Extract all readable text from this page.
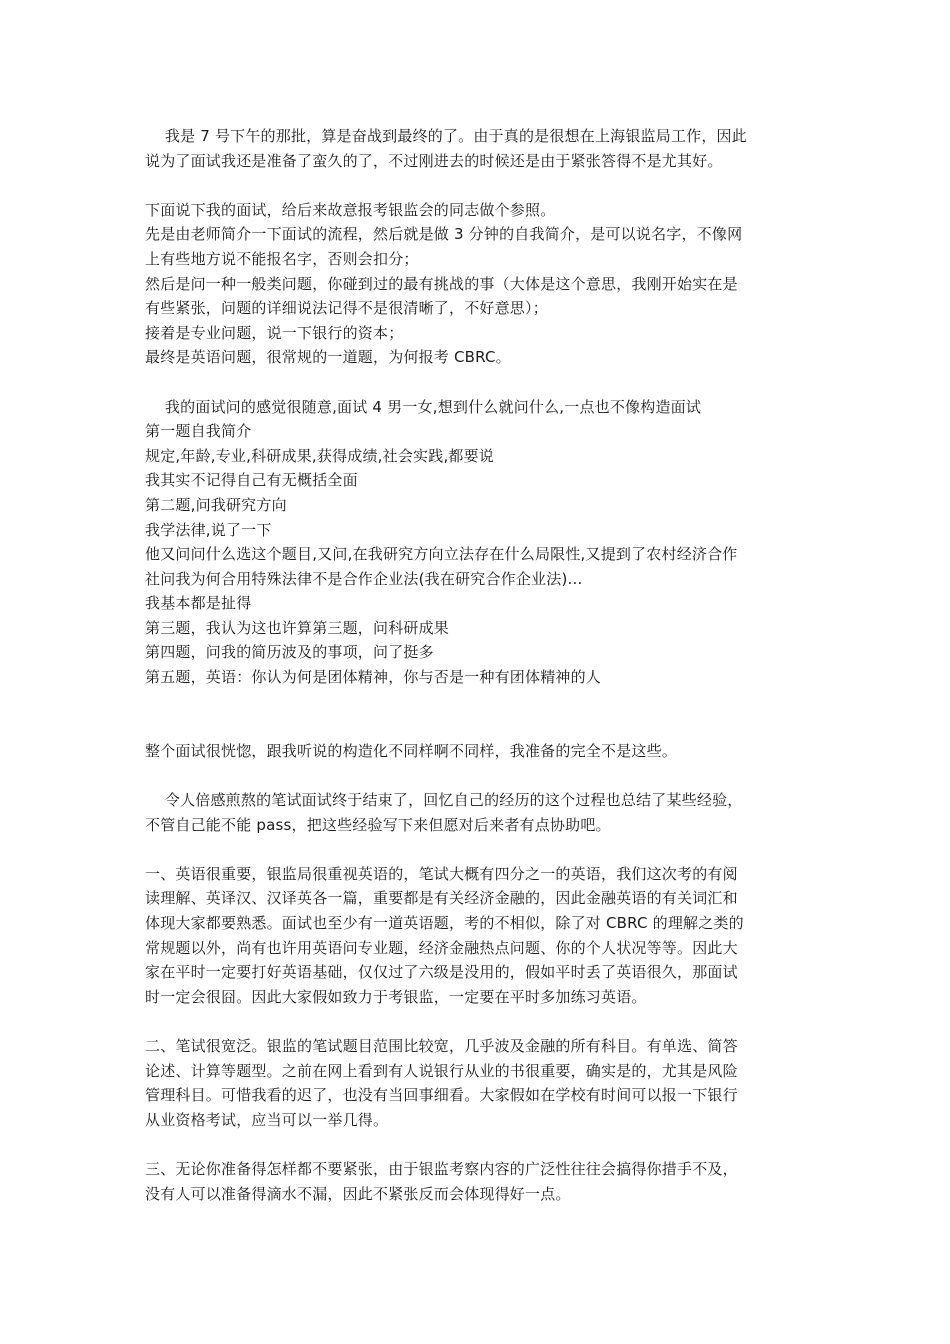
我是 7 号下午的那批，算是奋战到最终的了。由于真的是很想在上海银监局工作，因此
说为了面试我还是准备了蛮久的了，不过刚进去的时候还是由于紧张答得不是尤其好。
下面说下我的面试，给后来故意报考银监会的同志做个参照。
先是由老师简介一下面试的流程，然后就是做 3 分钟的自我简介，是可以说名字，不像网
上有些地方说不能报名字，否则会扣分；
然后是问一种一般类问题，你碰到过的最有挑战的事（大体是这个意思，我刚开始实在是
有些紧张，问题的详细说法记得不是很清晰了，不好意思）；
接着是专业问题，说一下银行的资本；
最终是英语问题，很常规的一道题，为何报考 CBRC。
我的面试问的感觉很随意,面试 4 男一女,想到什么就问什么,一点也不像构造面试
第一题自我简介
规定,年龄,专业,科研成果,获得成绩,社会实践,都要说
我其实不记得自己有无概括全面
第二题,问我研究方向
我学法律,说了一下
他又问问什么选这个题目,又问,在我研究方向立法存在什么局限性,又提到了农村经济合作
社问我为何合用特殊法律不是合作企业法(我在研究合作企业法)...
我基本都是扯得
第三题，我认为这也许算第三题，问科研成果
第四题，问我的简历波及的事项，问了挺多
第五题，英语：你认为何是团体精神，你与否是一种有团体精神的人
整个面试很恍惚，跟我听说的构造化不同样啊不同样，我准备的完全不是这些。
令人倍感煎熬的笔试面试终于结束了，回忆自己的经历的这个过程也总结了某些经验，
不管自己能不能 pass，把这些经验写下来但愿对后来者有点协助吧。
一、英语很重要，银监局很重视英语的，笔试大概有四分之一的英语，我们这次考的有阅
读理解、英译汉、汉译英各一篇，重要都是有关经济金融的，因此金融英语的有关词汇和
体现大家都要熟悉。面试也至少有一道英语题，考的不相似，除了对 CBRC 的理解之类的
常规题以外，尚有也许用英语问专业题，经济金融热点问题、你的个人状况等等。因此大
家在平时一定要打好英语基础，仅仅过了六级是没用的，假如平时丢了英语很久，那面试
时一定会很囧。因此大家假如致力于考银监，一定要在平时多加练习英语。
二、笔试很宽泛。银监的笔试题目范围比较宽，几乎波及金融的所有科目。有单选、简答
论述、计算等题型。之前在网上看到有人说银行从业的书很重要，确实是的，尤其是风险
管理科目。可惜我看的迟了，也没有当回事细看。大家假如在学校有时间可以报一下银行
从业资格考试，应当可以一举几得。
三、无论你准备得怎样都不要紧张，由于银监考察内容的广泛性往往会搞得你措手不及，
没有人可以准备得滴水不漏，因此不紧张反而会体现得好一点。
